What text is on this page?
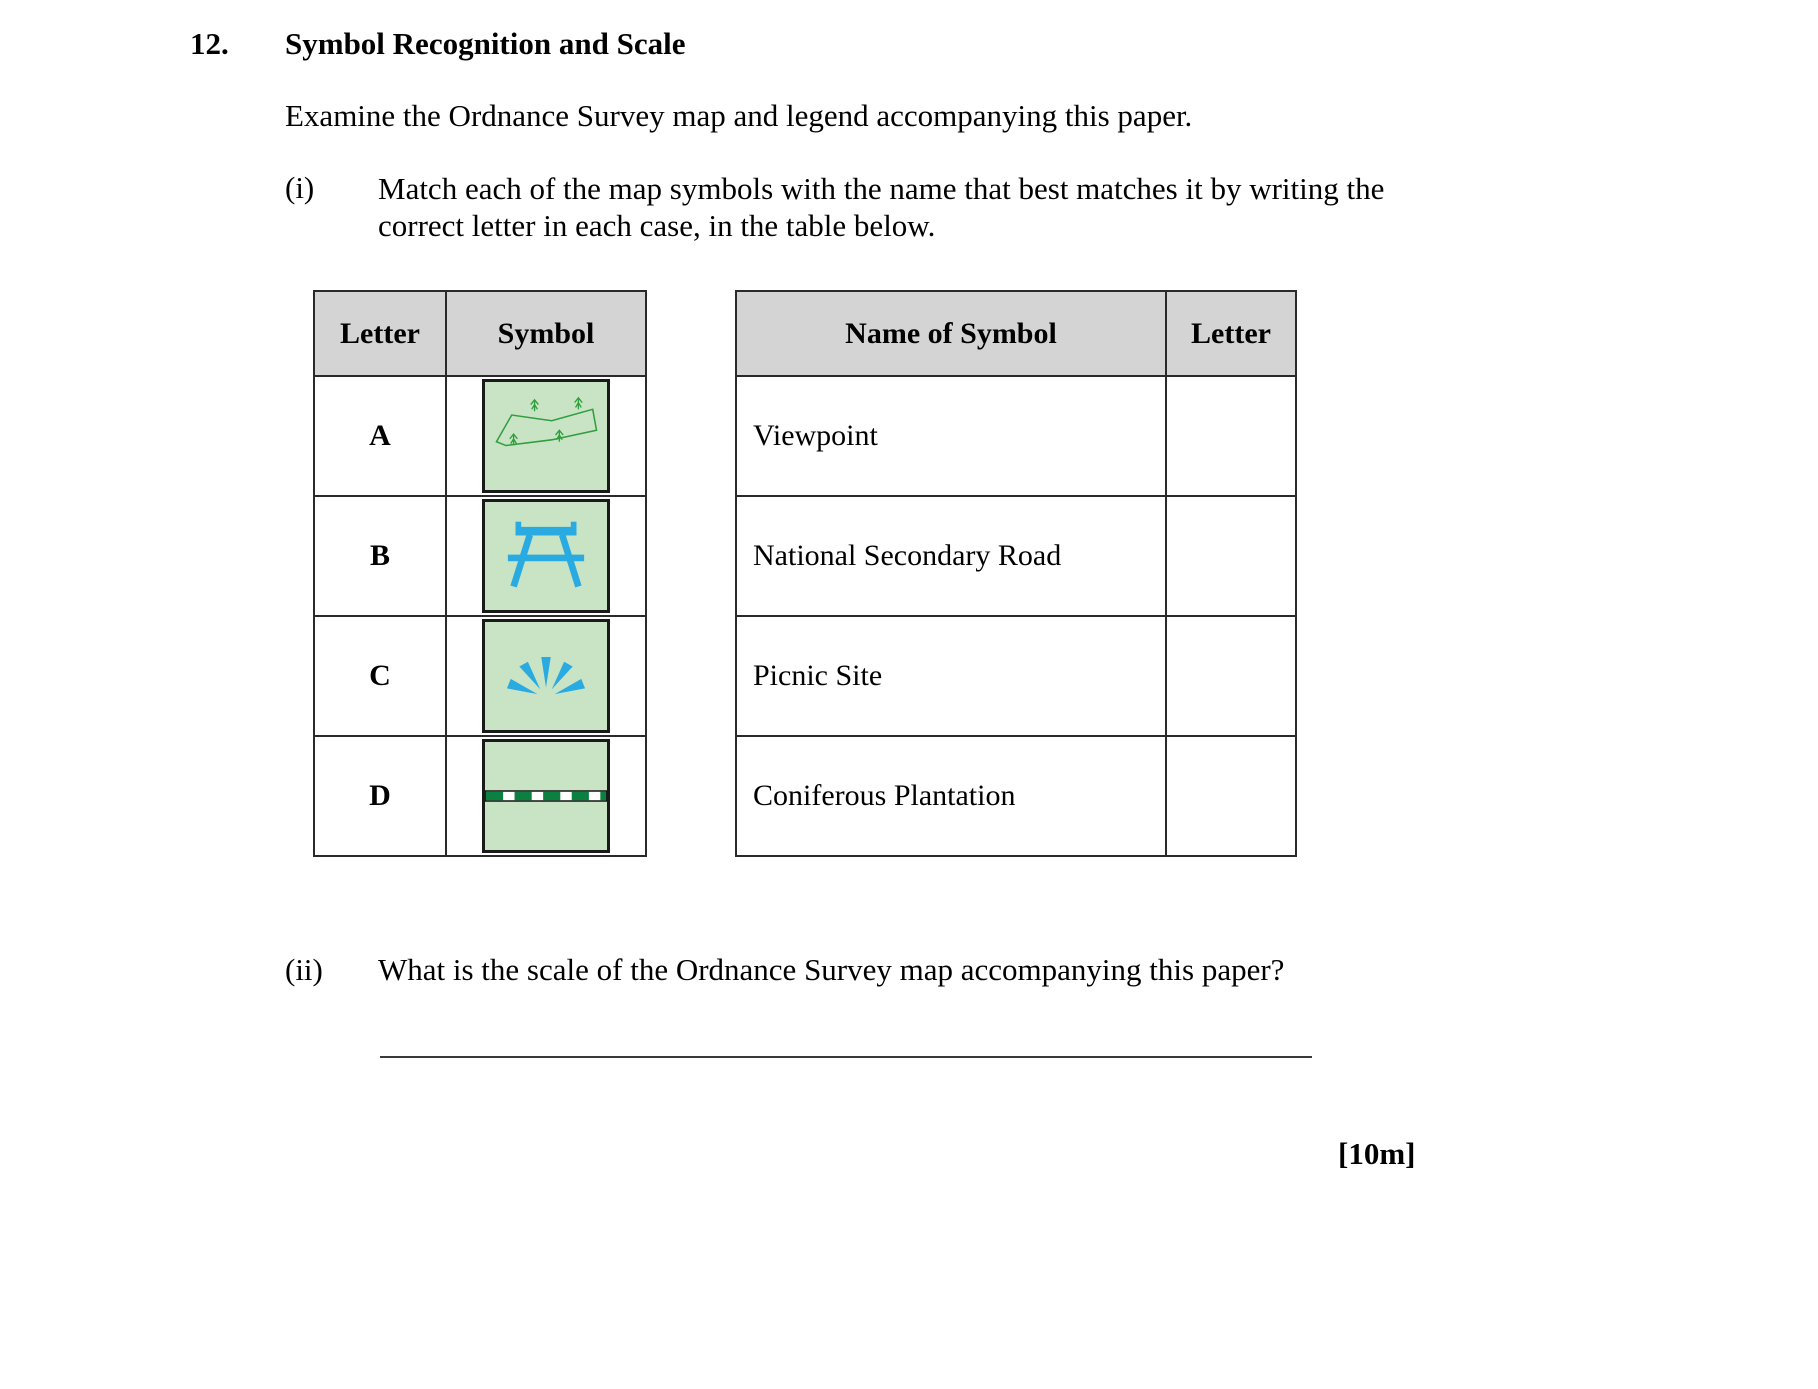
12. Symbol Recognition and Scale

Examine the Ordnance Survey map and legend accompanying this paper.

(i) Match each of the map symbols with the name that best matches it by writing the correct letter in each case, in the table below.

Letter	Symbol
A	

B	

C	

D	
Name of Symbol	Letter
Viewpoint	
National Secondary Road	
Picnic Site	
Coniferous Plantation	
(ii) What is the scale of the Ordnance Survey map accompanying this paper?
[10m]
